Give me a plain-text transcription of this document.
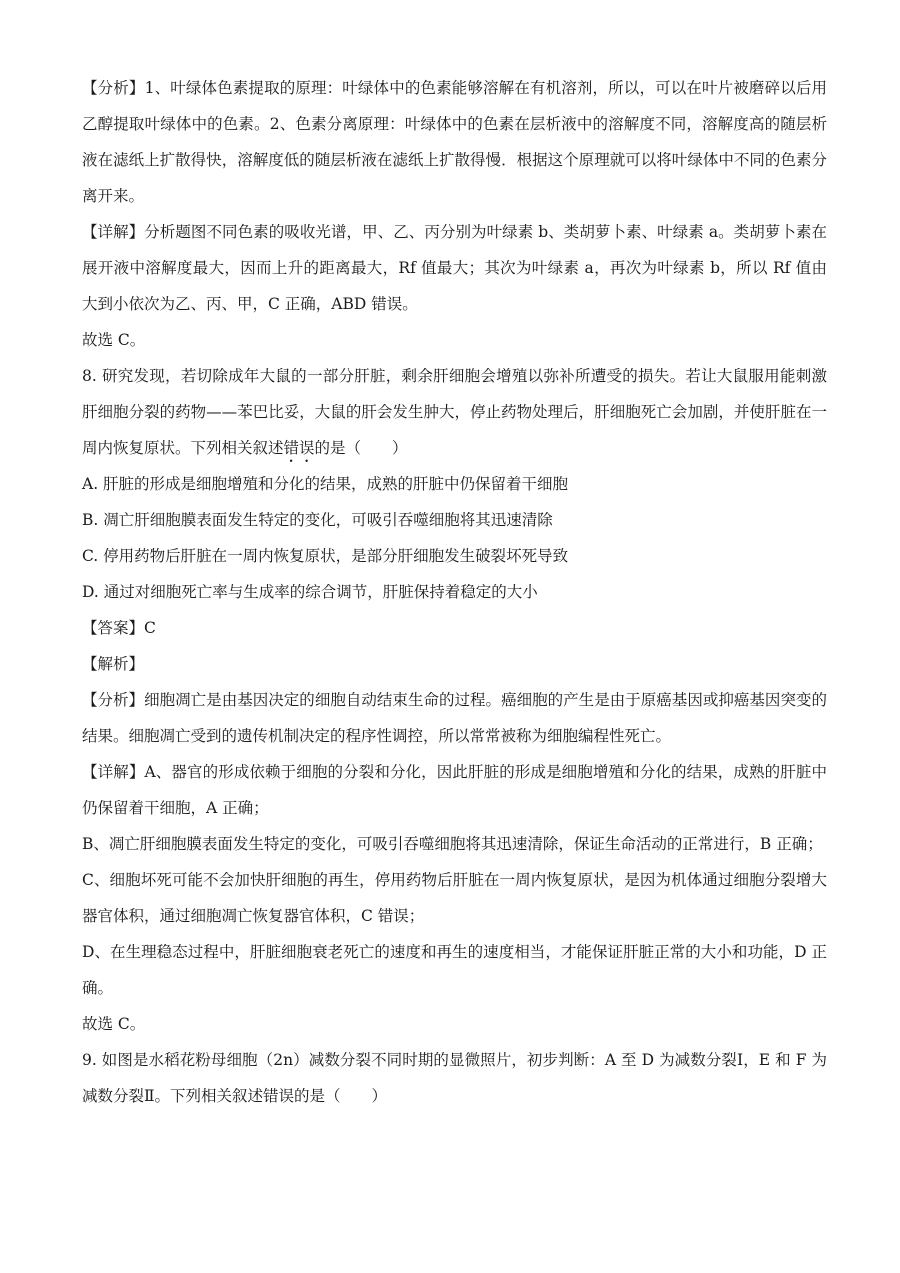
【分析】1、叶绿体色素提取的原理：叶绿体中的色素能够溶解在有机溶剂，所以，可以在叶片被磨碎以后用乙醇提取叶绿体中的色素。2、色素分离原理：叶绿体中的色素在层析液中的溶解度不同，溶解度高的随层析液在滤纸上扩散得快，溶解度低的随层析液在滤纸上扩散得慢．根据这个原理就可以将叶绿体中不同的色素分离开来。

【详解】分析题图不同色素的吸收光谱，甲、乙、丙分别为叶绿素 b、类胡萝卜素、叶绿素 a。类胡萝卜素在展开液中溶解度最大，因而上升的距离最大，Rf 值最大；其次为叶绿素 a，再次为叶绿素 b，所以 Rf 值由大到小依次为乙、丙、甲，C 正确，ABD 错误。

故选 C。

8. 研究发现，若切除成年大鼠的一部分肝脏，剩余肝细胞会增殖以弥补所遭受的损失。若让大鼠服用能刺激肝细胞分裂的药物——苯巴比妥，大鼠的肝会发生肿大，停止药物处理后，肝细胞死亡会加剧，并使肝脏在一周内恢复原状。下列相关叙述错误的是（　　）

A. 肝脏的形成是细胞增殖和分化的结果，成熟的肝脏中仍保留着干细胞

B. 凋亡肝细胞膜表面发生特定的变化，可吸引吞噬细胞将其迅速清除

C. 停用药物后肝脏在一周内恢复原状，是部分肝细胞发生破裂坏死导致

D. 通过对细胞死亡率与生成率的综合调节，肝脏保持着稳定的大小

【答案】C

【解析】

【分析】细胞凋亡是由基因决定的细胞自动结束生命的过程。癌细胞的产生是由于原癌基因或抑癌基因突变的结果。细胞凋亡受到的遗传机制决定的程序性调控，所以常常被称为细胞编程性死亡。

【详解】A、器官的形成依赖于细胞的分裂和分化，因此肝脏的形成是细胞增殖和分化的结果，成熟的肝脏中仍保留着干细胞，A 正确；

B、凋亡肝细胞膜表面发生特定的变化，可吸引吞噬细胞将其迅速清除，保证生命活动的正常进行，B 正确；

C、细胞坏死可能不会加快肝细胞的再生，停用药物后肝脏在一周内恢复原状，是因为机体通过细胞分裂增大器官体积，通过细胞凋亡恢复器官体积，C 错误；

D、在生理稳态过程中，肝脏细胞衰老死亡的速度和再生的速度相当，才能保证肝脏正常的大小和功能，D 正确。

故选 C。

9. 如图是水稻花粉母细胞（2n）减数分裂不同时期的显微照片，初步判断：A 至 D 为减数分裂Ⅰ，E 和 F 为减数分裂Ⅱ。下列相关叙述错误的是（　　）
